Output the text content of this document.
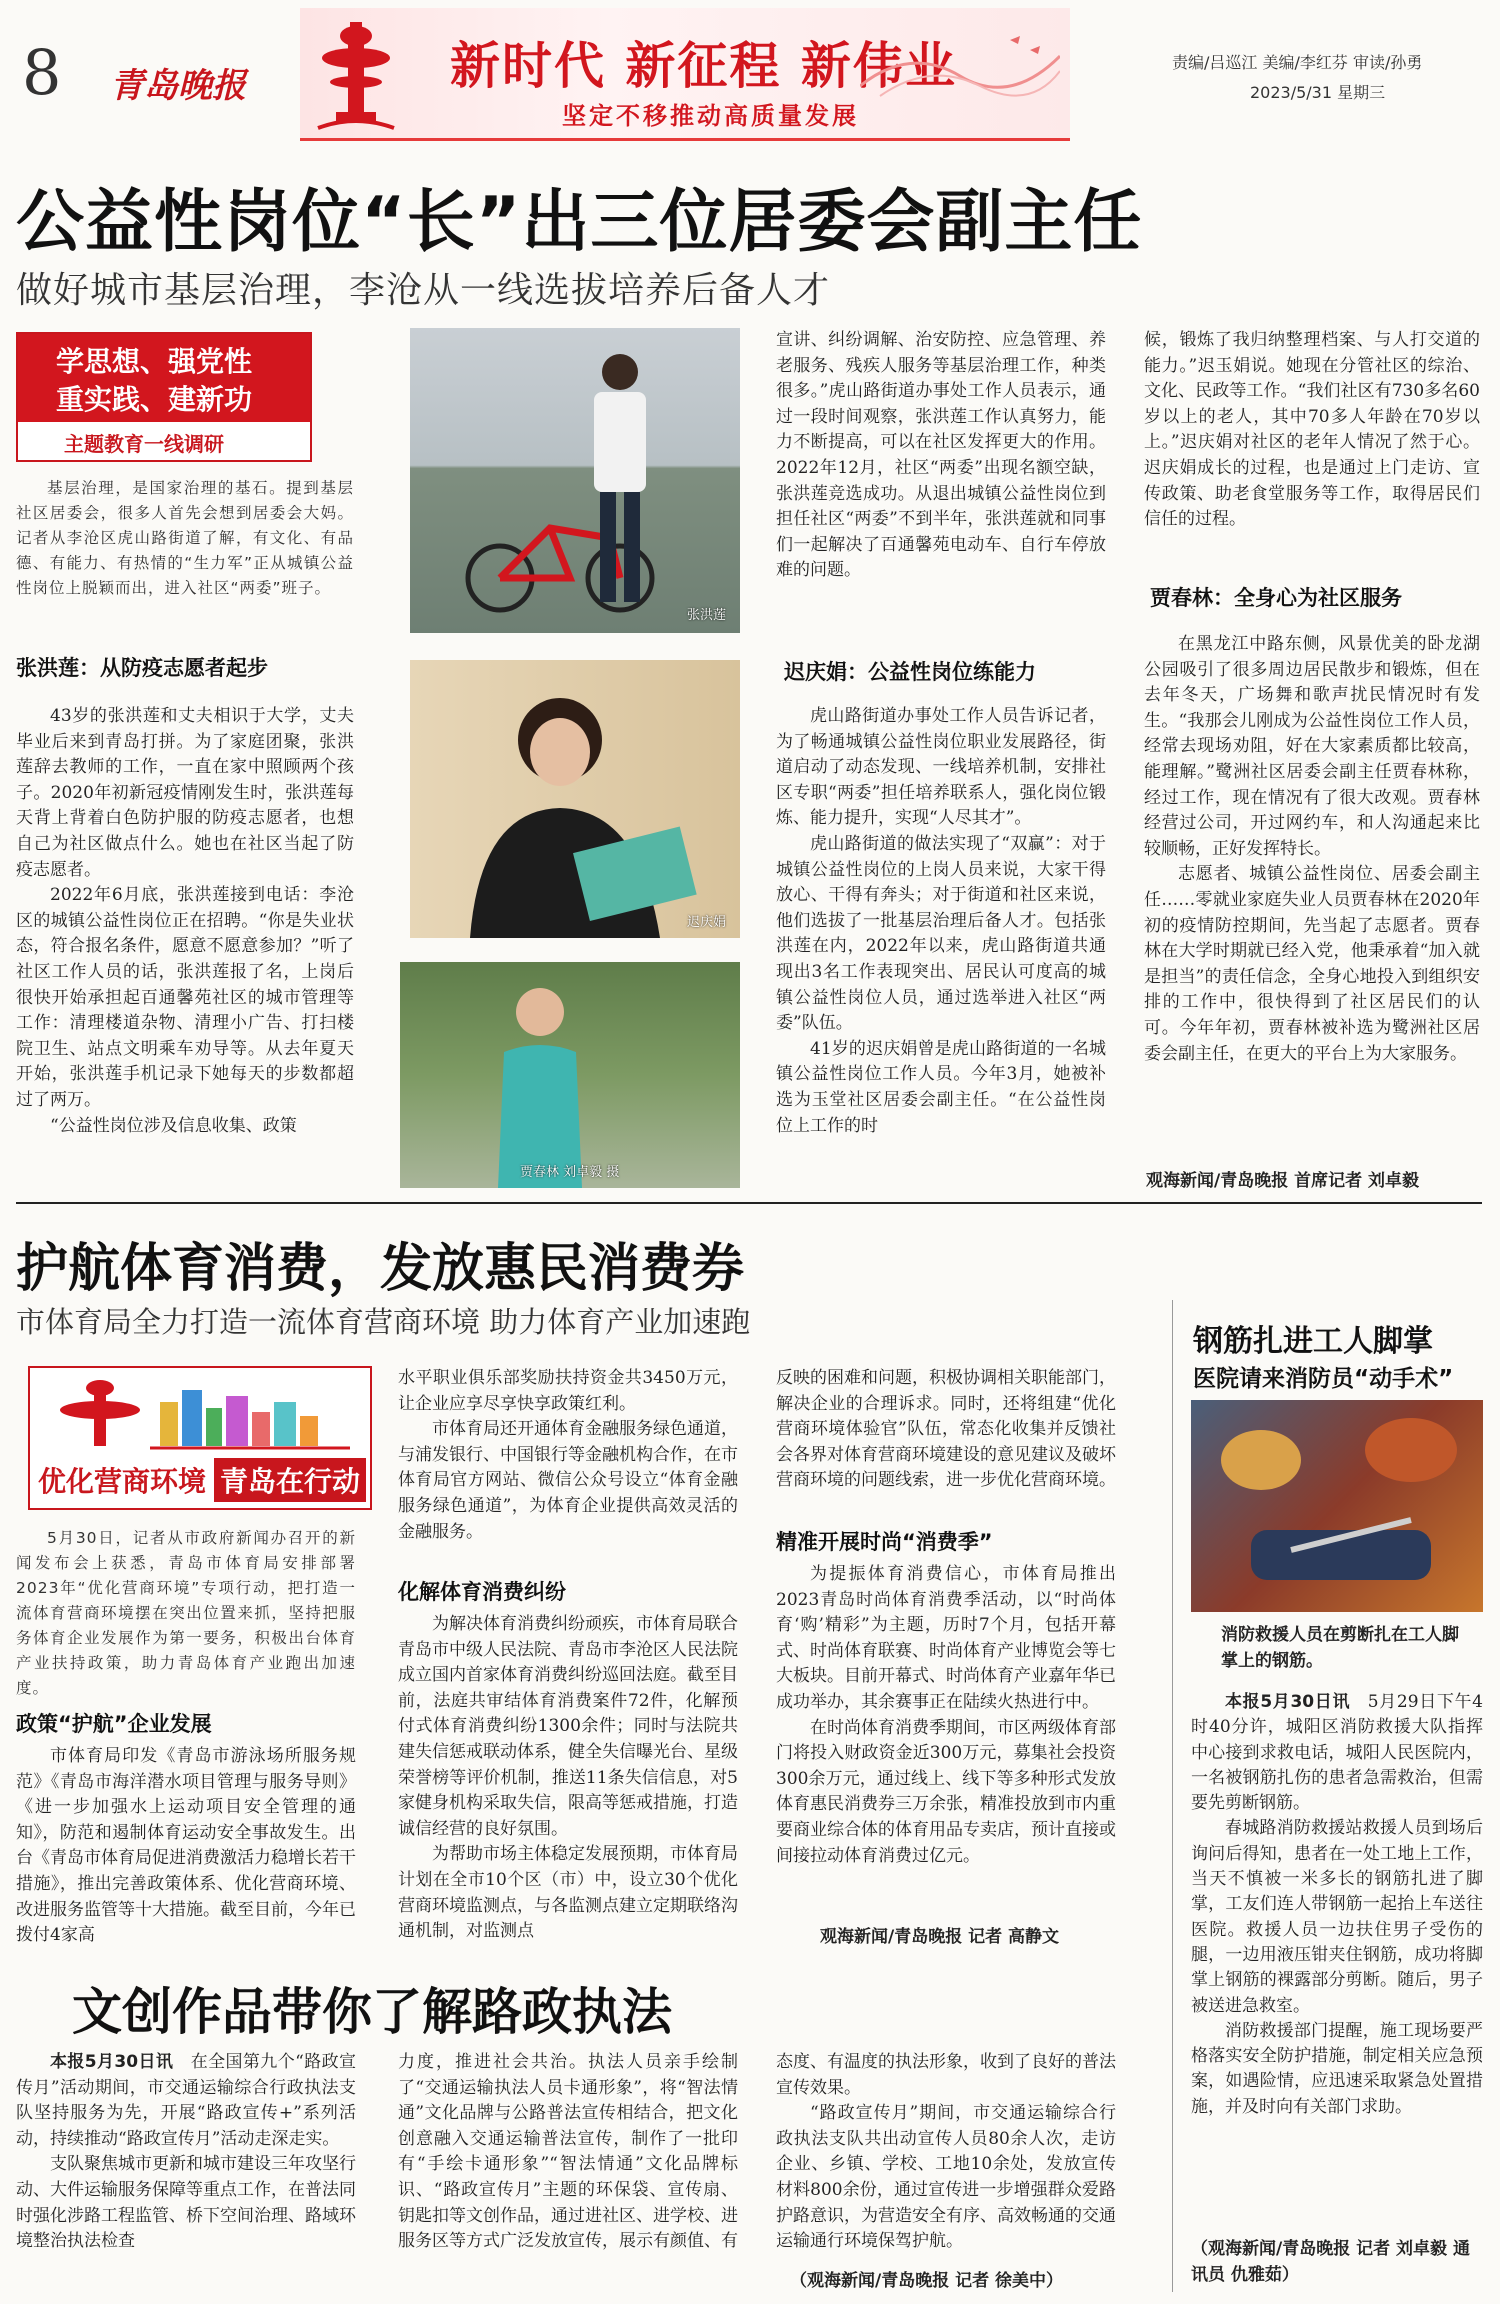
8 青岛晚报	新时代 新征程 新伟业
坚定不移推动高质量发展
责编/吕巡江 美编/李红芬 审读/孙勇
2023/5/31 星期三
公益性岗位“长”出三位居委会副主任
做好城市基层治理，李沧从一线选拔培养后备人才
学思想、强党性
重实践、建新功
主题教育一线调研

基层治理，是国家治理的基石。提到基层社区居委会，很多人首先会想到居委会大妈。记者从李沧区虎山路街道了解，有文化、有品德、有能力、有热情的“生力军”正从城镇公益性岗位上脱颖而出，进入社区“两委”班子。

张洪莲：从防疫志愿者起步

43岁的张洪莲和丈夫相识于大学，丈夫毕业后来到青岛打拼。为了家庭团聚，张洪莲辞去教师的工作，一直在家中照顾两个孩子。2020年初新冠疫情刚发生时，张洪莲每天背上背着白色防护服的防疫志愿者，也想自己为社区做点什么。她也在社区当起了防疫志愿者。

2022年6月底，张洪莲接到电话：李沧区的城镇公益性岗位正在招聘。“你是失业状态，符合报名条件，愿意不愿意参加？”听了社区工作人员的话，张洪莲报了名，上岗后很快开始承担起百通馨苑社区的城市管理等工作：清理楼道杂物、清理小广告、打扫楼院卫生、站点文明乘车劝导等。从去年夏天开始，张洪莲手机记录下她每天的步数都超过了两万。

“公益性岗位涉及信息收集、政策

张洪莲
迟庆娟
贾春林 刘卓毅 摄

宣讲、纠纷调解、治安防控、应急管理、养老服务、残疾人服务等基层治理工作，种类很多。”虎山路街道办事处工作人员表示，通过一段时间观察，张洪莲工作认真努力，能力不断提高，可以在社区发挥更大的作用。2022年12月，社区“两委”出现名额空缺，张洪莲竞选成功。从退出城镇公益性岗位到担任社区“两委”不到半年，张洪莲就和同事们一起解决了百通馨苑电动车、自行车停放难的问题。

迟庆娟：公益性岗位练能力

虎山路街道办事处工作人员告诉记者，为了畅通城镇公益性岗位职业发展路径，街道启动了动态发现、一线培养机制，安排社区专职“两委”担任培养联系人，强化岗位锻炼、能力提升，实现“人尽其才”。

虎山路街道的做法实现了“双赢”：对于城镇公益性岗位的上岗人员来说，大家干得放心、干得有奔头；对于街道和社区来说，他们选拔了一批基层治理后备人才。包括张洪莲在内，2022年以来，虎山路街道共通现出3名工作表现突出、居民认可度高的城镇公益性岗位人员，通过选举进入社区“两委”队伍。

41岁的迟庆娟曾是虎山路街道的一名城镇公益性岗位工作人员。今年3月，她被补选为玉堂社区居委会副主任。“在公益性岗位上工作的时

候，锻炼了我归纳整理档案、与人打交道的能力。”迟玉娟说。她现在分管社区的综治、文化、民政等工作。“我们社区有730多名60岁以上的老人，其中70多人年龄在70岁以上。”迟庆娟对社区的老年人情况了然于心。迟庆娟成长的过程，也是通过上门走访、宣传政策、助老食堂服务等工作，取得居民们信任的过程。

贾春林：全身心为社区服务

在黑龙江中路东侧，风景优美的卧龙湖公园吸引了很多周边居民散步和锻炼，但在去年冬天，广场舞和歌声扰民情况时有发生。“我那会儿刚成为公益性岗位工作人员，经常去现场劝阻，好在大家素质都比较高，能理解。”鹭洲社区居委会副主任贾春林称，经过工作，现在情况有了很大改观。贾春林经营过公司，开过网约车，和人沟通起来比较顺畅，正好发挥特长。

志愿者、城镇公益性岗位、居委会副主任……零就业家庭失业人员贾春林在2020年初的疫情防控期间，先当起了志愿者。贾春林在大学时期就已经入党，他秉承着“加入就是担当”的责任信念，全身心地投入到组织安排的工作中，很快得到了社区居民们的认可。今年年初，贾春林被补选为鹭洲社区居委会副主任，在更大的平台上为大家服务。

观海新闻/青岛晚报 首席记者 刘卓毅
护航体育消费，发放惠民消费券
市体育局全力打造一流体育营商环境 助力体育产业加速跑
优化营商环境 青岛在行动

5月30日，记者从市政府新闻办召开的新闻发布会上获悉，青岛市体育局安排部署2023年“优化营商环境”专项行动，把打造一流体育营商环境摆在突出位置来抓，坚持把服务体育企业发展作为第一要务，积极出台体育产业扶持政策，助力青岛体育产业跑出加速度。

政策“护航”企业发展

市体育局印发《青岛市游泳场所服务规范》《青岛市海洋潜水项目管理与服务导则》《进一步加强水上运动项目安全管理的通知》，防范和遏制体育运动安全事故发生。出台《青岛市体育局促进消费激活力稳增长若干措施》，推出完善政策体系、优化营商环境、改进服务监管等十大措施。截至目前，今年已拨付4家高

水平职业俱乐部奖励扶持资金共3450万元，让企业应享尽享快享政策红利。

市体育局还开通体育金融服务绿色通道，与浦发银行、中国银行等金融机构合作，在市体育局官方网站、微信公众号设立“体育金融服务绿色通道”，为体育企业提供高效灵活的金融服务。

化解体育消费纠纷

为解决体育消费纠纷顽疾，市体育局联合青岛市中级人民法院、青岛市李沧区人民法院成立国内首家体育消费纠纷巡回法庭。截至目前，法庭共审结体育消费案件72件，化解预付式体育消费纠纷1300余件；同时与法院共建失信惩戒联动体系，健全失信曝光台、星级荣誉榜等评价机制，推送11条失信信息，对5家健身机构采取失信，限高等惩戒措施，打造诚信经营的良好氛围。

为帮助市场主体稳定发展预期，市体育局计划在全市10个区（市）中，设立30个优化营商环境监测点，与各监测点建立定期联络沟通机制，对监测点

反映的困难和问题，积极协调相关职能部门，解决企业的合理诉求。同时，还将组建“优化营商环境体验官”队伍，常态化收集并反馈社会各界对体育营商环境建设的意见建议及破坏营商环境的问题线索，进一步优化营商环境。

精准开展时尚“消费季”

为提振体育消费信心，市体育局推出2023青岛时尚体育消费季活动，以“时尚体育‘购’精彩”为主题，历时7个月，包括开幕式、时尚体育联赛、时尚体育产业博览会等七大板块。目前开幕式、时尚体育产业嘉年华已成功举办，其余赛事正在陆续火热进行中。

在时尚体育消费季期间，市区两级体育部门将投入财政资金近300万元，募集社会投资300余万元，通过线上、线下等多种形式发放体育惠民消费券三万余张，精准投放到市内重要商业综合体的体育用品专卖店，预计直接或间接拉动体育消费过亿元。

观海新闻/青岛晚报 记者 高静文
钢筋扎进工人脚掌
医院请来消防员“动手术”
消防救援人员在剪断扎在工人脚掌上的钢筋。

本报5月30日讯　 5月29日下午4时40分许，城阳区消防救援大队指挥中心接到求救电话，城阳人民医院内，一名被钢筋扎伤的患者急需救治，但需要先剪断钢筋。

春城路消防救援站救援人员到场后询问后得知，患者在一处工地上工作，当天不慎被一米多长的钢筋扎进了脚掌，工友们连人带钢筋一起抬上车送往医院。救援人员一边扶住男子受伤的腿，一边用液压钳夹住钢筋，成功将脚掌上钢筋的裸露部分剪断。随后，男子被送进急救室。

消防救援部门提醒，施工现场要严格落实安全防护措施，制定相关应急预案，如遇险情，应迅速采取紧急处置措施，并及时向有关部门求助。

（观海新闻/青岛晚报 记者 刘卓毅 通讯员 仇雅茹）
文创作品带你了解路政执法

本报5月30日讯　 在全国第九个“路政宣传月”活动期间，市交通运输综合行政执法支队坚持服务为先，开展“路政宣传+”系列活动，持续推动“路政宣传月”活动走深走实。

支队聚焦城市更新和城市建设三年攻坚行动、大件运输服务保障等重点工作，在普法同时强化涉路工程监管、桥下空间治理、路域环境整治执法检查

力度，推进社会共治。执法人员亲手绘制了“交通运输执法人员卡通形象”，将“智法情通”文化品牌与公路普法宣传相结合，把文化创意融入交通运输普法宣传，制作了一批印有“手绘卡通形象”“智法情通”文化品牌标识、“路政宣传月”主题的环保袋、宣传扇、钥匙扣等文创作品，通过进社区、进学校、进服务区等方式广泛发放宣传，展示有颜值、有

态度、有温度的执法形象，收到了良好的普法宣传效果。

“路政宣传月”期间，市交通运输综合行政执法支队共出动宣传人员80余人次，走访企业、乡镇、学校、工地10余处，发放宣传材料800余份，通过宣传进一步增强群众爱路护路意识，为营造安全有序、高效畅通的交通运输通行环境保驾护航。

（观海新闻/青岛晚报 记者 徐美中）
